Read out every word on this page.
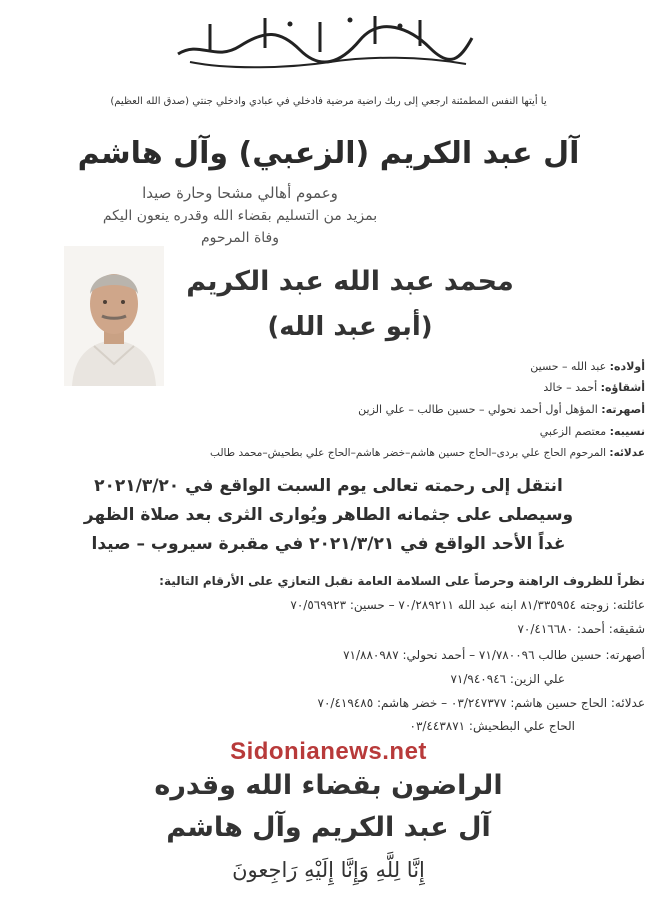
يا أيتها النفس المطمئنة ارجعي إلى ربك راضية مرضية فادخلي في عبادي وادخلي جنتي (صدق الله العظيم)
آل عبد الكريم (الزعبي) وآل هاشم
وعموم أهالي مشحا وحارة صيدا
بمزيد من التسليم بقضاء الله وقدره ينعون اليكم
وفاة المرحوم
محمد عبد الله عبد الكريم
(أبو عبد الله)
أولاده: عبد الله – حسين
أشقاؤه: أحمد – خالد
أصهرته: المؤهل أول أحمد نحولي – حسين طالب – علي الزين
نسيبه: معتصم الزعبي
عدلائه: المرحوم الحاج علي بردى–الحاج حسين هاشم–خضر هاشم–الحاج علي بطحيش–محمد طالب
انتقل إلى رحمته تعالى يوم السبت الواقع في ٢٠٢١/٣/٢٠
وسيصلى على جثمانه الطاهر ويُوارى الثرى بعد صلاة الظهر
غداً الأحد الواقع في ٢٠٢١/٣/٢١ في مقبرة سيروب – صيدا
نظراً للظروف الراهنة وحرصاً على السلامة العامة نقبل التعازي على الأرقام التالية:
عائلته: زوجته ٨١/٣٣٥٩٥٤ ابنه عبد الله ٧٠/٢٨٩٢١١ – حسين: ٧٠/٥٦٩٩٢٣
شقيقه: أحمد: ٧٠/٤١٦٦٨٠
أصهرته: حسين طالب ٧١/٧٨٠٠٩٦ – أحمد نحولي: ٧١/٨٨٠٩٨٧
علي الزين: ٧١/٩٤٠٩٤٦
عدلائه: الحاج حسين هاشم: ٠٣/٢٤٧٣٧٧ – خضر هاشم: ٧٠/٤١٩٤٨٥
الحاج علي البطحيش: ٠٣/٤٤٣٨٧١
Sidonianews.net
الراضون بقضاء الله وقدره
آل عبد الكريم وآل هاشم
إِنَّا لِلَّهِ وَإِنَّا إِلَيْهِ رَاجِعونَ
